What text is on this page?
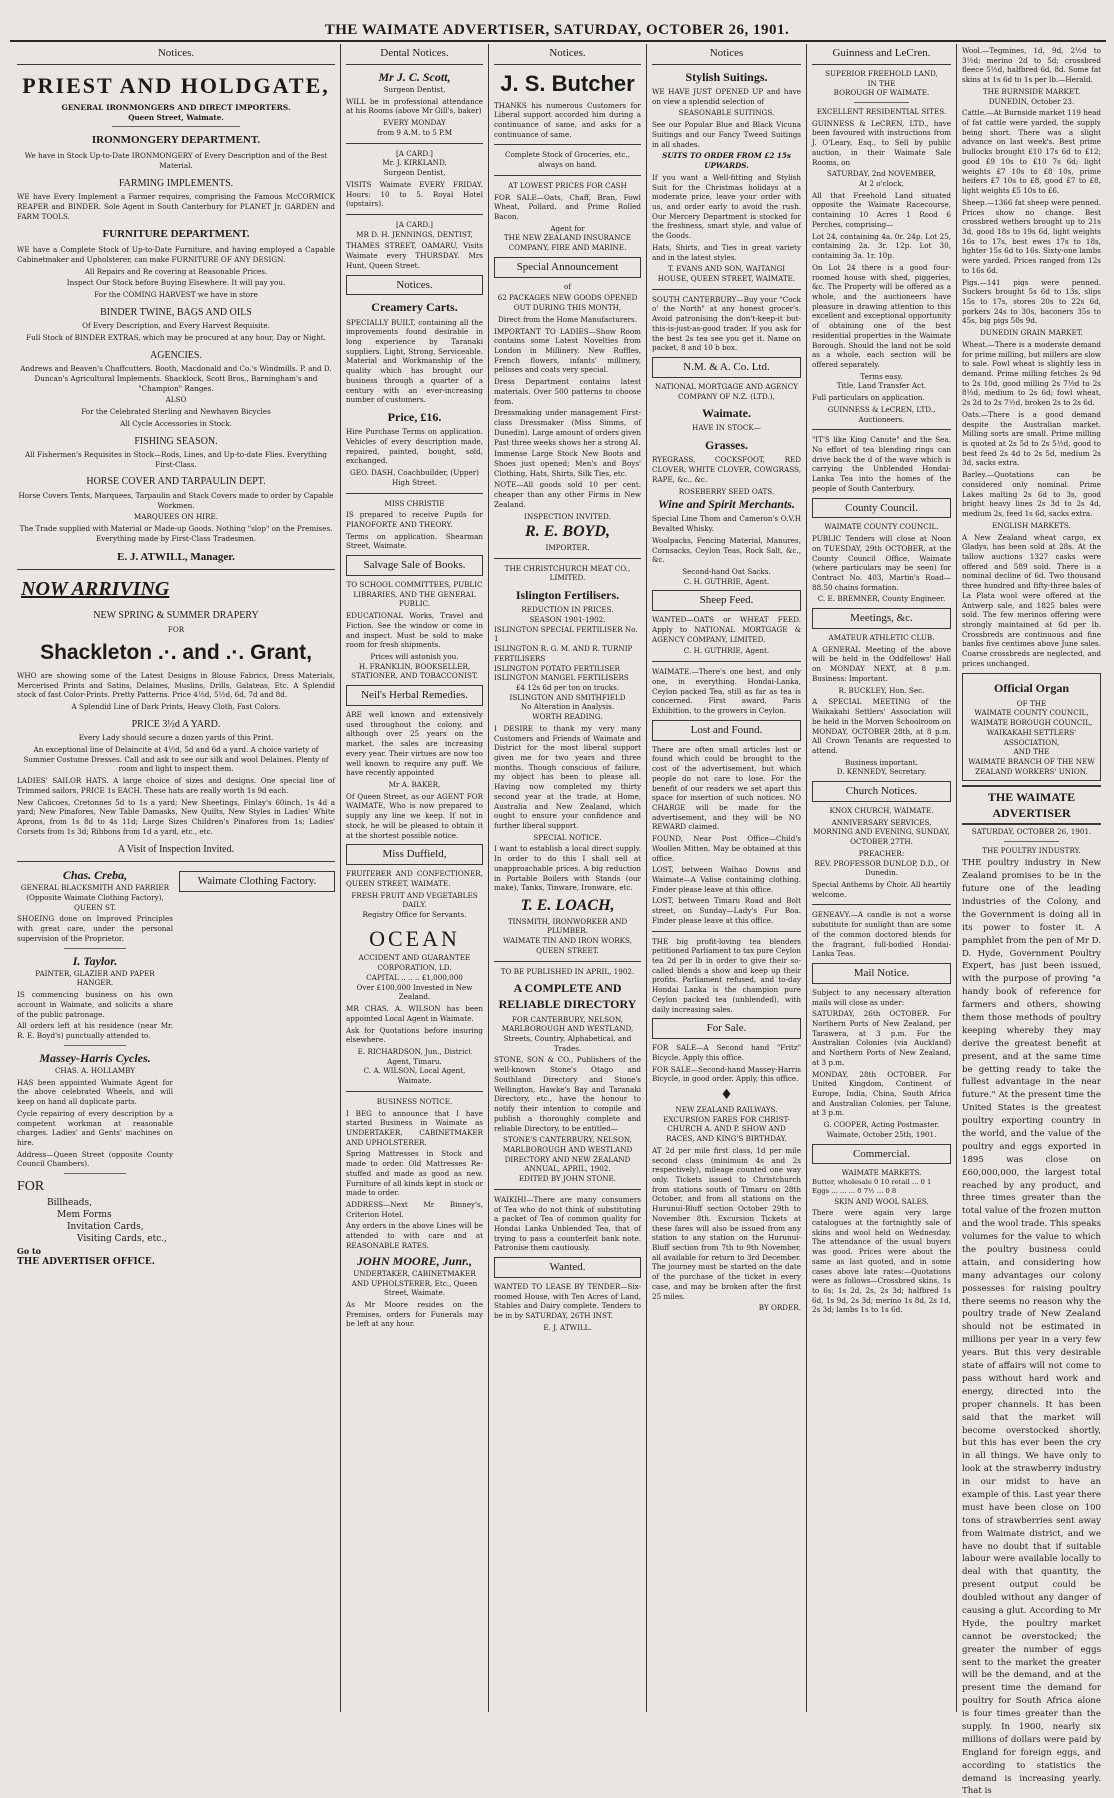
THE WAIMATE ADVERTISER, SATURDAY, OCTOBER 26, 1901.
Notices.
PRIEST AND HOLDGATE,
GENERAL IRONMONGERS AND DIRECT IMPORTERS.
Queen Street, Waimate.
IRONMONGERY DEPARTMENT.

We have in Stock Up-to-Date IRONMONGERY of Every Description and of the Best Material.

FARMING IMPLEMENTS.

WE have Every Implement a Farmer requires, comprising the Famous McCORMICK REAPER and BINDER. Sole Agent in South Canterbury for PLANET Jr. GARDEN and FARM TOOLS.

FURNITURE DEPARTMENT.

WE have a Complete Stock of Up-to-Date Furniture, and having employed a Capable Cabinetmaker and Upholsterer, can make FURNITURE OF ANY DESIGN.

All Repairs and Re covering at Reasonable Prices.

Inspect Our Stock before Buying Elsewhere. It will pay you.

For the COMING HARVEST we have in store

BINDER TWINE, BAGS AND OILS

Of Every Description, and Every Harvest Requisite.

Full Stock of BINDER EXTRAS, which may be procured at any hour, Day or Night.

AGENCIES.

Andrews and Beaven's Chaffcutters. Booth, Macdonald and Co.'s Windmills. P. and D. Duncan's Agricultural Implements. Shacklock, Scott Bros., Barningham's and "Champion" Ranges.

ALSO

For the Celebrated Sterling and Newhaven Bicycles

All Cycle Accessories in Stock.

FISHING SEASON.

All Fishermen's Requisites in Stock—Rods, Lines, and Up-to-date Flies. Everything First-Class.

HORSE COVER AND TARPAULIN DEPT.

Horse Covers Tents, Marquees, Tarpaulin and Stack Covers made to order by Capable Workmen.

MARQUEES ON HIRE.

The Trade supplied with Material or Made-up Goods. Nothing "slop" on the Premises. Everything made by First-Class Tradesmen.

E. J. ATWILL, Manager.
NOW ARRIVING
NEW SPRING & SUMMER DRAPERY
FOR
Shackleton .·. and .·. Grant,

WHO are showing some of the Latest Designs in Blouse Fabrics, Dress Materials, Mercerised Prints and Satins, Delaines, Muslins, Drills, Galateas, Etc. A Splendid stock of fast Color-Prints. Pretty Patterns. Price 4½d, 5½d, 6d, 7d and 8d.

A Splendid Line of Dark Prints, Heavy Cloth, Fast Colors.

PRICE 3½d A YARD.

Every Lady should secure a dozen yards of this Print.

An exceptional line of Delaincite at 4½d, 5d and 6d a yard. A choice variety of Summer Costume Dresses. Call and ask to see our silk and wool Delaines. Plenty of room and light to inspect them.

LADIES' SAILOR HATS. A large choice of sizes and designs. One special line of Trimmed sailors, PRICE 1s EACH. These hats are really worth 1s 9d each.

New Calicoes, Cretonnes 5d to 1s a yard; New Sheetings, Finlay's 60inch, 1s 4d a yard; New Pinafores, New Table Damasks, New Quilts, New Styles in Ladies' White Aprons, from 1s 8d to 4s 11d; Large Sizes Children's Pinafores from 1s; Ladies' Corsets from 1s 3d; Ribbons from 1d a yard, etc., etc.

A Visit of Inspection Invited.
Chas. Creba,
GENERAL BLACKSMITH AND FARRIER
(Opposite Waimate Clothing Factory), QUEEN ST.

SHOEING done on Improved Principles with great care, under the personal supervision of the Proprietor.

I. Taylor.
PAINTER, GLAZIER AND PAPER HANGER.

IS commencing business on his own account in Waimate, and solicits a share of the public patronage.

All orders left at his residence (near Mr. R. E. Boyd's) punctually attended to.

Massey-Harris Cycles.
CHAS. A. HOLLAMBY

HAS been appointed Waimate Agent for the above celebrated Wheels, and will keep on hand all duplicate parts.

Cycle repairing of every description by a competent workman at reasonable charges. Ladies' and Gents' machines on hire.

Address—Queen Street (opposite County Council Chambers).

FOR
Billheads,
Mem Forms
Invitation Cards,
Visiting Cards, etc.,
Go to
THE ADVERTISER OFFICE.
Waimate Clothing Factory.
Dental Notices.
Mr J. C. Scott,
Surgeon Dentist,

WILL be in professional attendance at his Rooms (above Mr Gill's, baker)

EVERY MONDAY
from 9 A.M. to 5 P.M
[A CARD.]
Mr. J. KIRKLAND,
Surgeon Dentist,

VISITS Waimate EVERY FRIDAY. Hours: 10 to 5. Royal Hotel (upstairs).

[A CARD.]
MR D. H. JENNINGS, DENTIST,

THAMES STREET, OAMARU, Visits Waimate every THURSDAY. Mrs Hunt, Queen Street.

Notices.
Creamery Carts.

SPECIALLY BUILT, containing all the improvements found desirable in long experience by Taranaki suppliers. Light, Strong, Serviceable. Material and Workmanship of the quality which has brought our business through a quarter of a century with an ever-increasing number of customers.

Price, £16.

Hire Purchase Terms on application. Vehicles of every description made, repaired, painted, bought, sold, exchanged.

GEO. DASH, Coachbuilder, (Upper) High Street.
MISS CHRISTIE

IS prepared to receive Pupils for PIANOFORTE AND THEORY.

Terms on application. Shearman Street, Waimate.

Salvage Sale of Books.
TO SCHOOL COMMITTEES, PUBLIC LIBRARIES, AND THE GENERAL PUBLIC.

EDUCATIONAL Works, Travel and Fiction. See the window or come in and inspect. Must be sold to make room for fresh shipments.

Prices will astonish you.
H. FRANKLIN, BOOKSELLER, STATIONER, AND TOBACCONIST.
Neil's Herbal Remedies.

ARE well known and extensively used throughout the colony, and although over 25 years on the market, the sales are increasing every year. Their virtues are now too well known to require any puff. We have recently appointed

Mr A. BAKER,

Of Queen Street, as our AGENT FOR WAIMATE, Who is now prepared to supply any line we keep. If not in stock, he will be pleased to obtain it at the shortest possible notice.

Miss Duffield,

FRUITERER AND CONFECTIONER, QUEEN STREET, WAIMATE.

FRESH FRUIT AND VEGETABLES DAILY.
Registry Office for Servants.
OCEAN
ACCIDENT AND GUARANTEE CORPORATION, LD.
CAPITAL .. .. .. £1,000,000
Over £100,000 Invested in New Zealand.

MR CHAS. A. WILSON has been appointed Local Agent in Waimate.

Ask for Quotations before insuring elsewhere.

E. RICHARDSON, Jun., District Agent, Timaru.
C. A. WILSON, Local Agent, Waimate.
BUSINESS NOTICE.

I BEG to announce that I have started Business in Waimate as UNDERTAKER, CABINETMAKER AND UPHOLSTERER.

Spring Mattresses in Stock and made to order. Old Mattresses Re-stuffed and made as good as new. Furniture of all kinds kept in stock or made to order.

ADDRESS—Next Mr Binney's, Criterion Hotel.

Any orders in the above Lines will be attended to with care and at REASONABLE RATES.

JOHN MOORE, Junr.,
UNDERTAKER, CABINETMAKER AND UPHOLSTERER, Etc., Queen Street, Waimate.

As Mr Moore resides on the Premises, orders for Funerals may be left at any hour.

Notices.
J. S. Butcher

THANKS his numerous Customers for Liberal support accorded him during a continuance of same, and asks for a continuance of same.

Complete Stock of Groceries, etc., always on hand.

AT LOWEST PRICES FOR CASH

FOR SALE—Oats, Chaff, Bran, Fowl Wheat, Pollard, and Prime Rolled Bacon.

Agent for
THE NEW ZEALAND INSURANCE COMPANY, FIRE AND MARINE.
Special Announcement
of

62 PACKAGES NEW GOODS OPENED OUT DURING THIS MONTH,

Direct from the Home Manufacturers.

IMPORTANT TO LADIES—Show Room contains some Latest Novelties from London in Millinery. New Ruffles, French flowers, infants' millinery, pelisses and coats very special.

Dress Department contains latest materials. Over 500 patterns to choose from.

Dressmaking under management First-class Dressmaker (Miss Simms, of Dunedin). Large amount of orders given Past three weeks shows her a strong AI.

Immense Large Stock New Boots and Shoes just opened; Men's and Boys' Clothing, Hats, Shirts, Silk Ties, etc.

NOTE—All goods sold 10 per cent. cheaper than any other Firms in New Zealand.

INSPECTION INVITED.
R. E. BOYD,
IMPORTER.
THE CHRISTCHURCH MEAT CO., LIMITED.
Islington Fertilisers.
REDUCTION IN PRICES.
SEASON 1901-1902.
ISLINGTON SPECIAL FERTILISER No. 1
ISLINGTON R. G. M. AND R. TURNIP FERTILISERS
ISLINGTON POTATO FERTILISER
ISLINGTON MANGEL FERTILISERS
£4 12s 6d per ton on trucks.
ISLINGTON AND SMITHFIELD
No Alteration in Analysis.
WORTH READING.

I DESIRE to thank my very many Customers and Friends of Waimate and District for the most liberal support given me for two years and three months. Though conscious of failure, my object has been to please all. Having now completed my thirty second year at the trade, at Home, Australia and New Zealand, which ought to ensure your confidence and further liberal support.

SPECIAL NOTICE.

I want to establish a local direct supply. In order to do this I shall sell at unapproachable prices. A big reduction in Portable Boilers with Stands (our make), Tanks, Tinware, Ironware, etc.

T. E. LOACH,
TINSMITH, IRONWORKER AND PLUMBER.
WAIMATE TIN AND IRON WORKS, QUEEN STREET.
TO BE PUBLISHED IN APRIL, 1902.
A COMPLETE AND RELIABLE DIRECTORY
FOR CANTERBURY, NELSON, MARLBOROUGH AND WESTLAND,
Streets, Country, Alphabetical, and Trades.

STONE, SON & CO., Publishers of the well-known Stone's Otago and Southland Directory and Stone's Wellington, Hawke's Bay and Taranaki Directory, etc., have the honour to notify their intention to compile and publish a thoroughly complete and reliable Directory, to be entitled—

STONE'S CANTERBURY, NELSON, MARLBOROUGH AND WESTLAND DIRECTORY AND NEW ZEALAND ANNUAL, APRIL, 1902.
EDITED BY JOHN STONE.

WAIKIHI—There are many consumers of Tea who do not think of substituting a packet of Tea of common quality for Hondai Lanka Unblended Tea, that of trying to pass a counterfeit bank note. Patronise them cautiously.

Wanted.

WANTED TO LEASE BY TENDER—Six-roomed House, with Ten Acres of Land, Stables and Dairy complete. Tenders to be in by SATURDAY, 26TH INST.

E. J. ATWILL.
Notices
Stylish Suitings.

WE HAVE JUST OPENED UP and have on view a splendid selection of

SEASONABLE SUITINGS.

See our Popular Blue and Black Vicuna Suitings and our Fancy Tweed Suitings in all shades.

SUITS TO ORDER FROM £2 15s UPWARDS.

If you want a Well-fitting and Stylish Suit for the Christmas holidays at a moderate price, leave your order with us, and order early to avoid the rush. Our Mercery Department is stocked for the freshness, smart style, and value of the Goods.

Hats, Shirts, and Ties in great variety and in the latest styles.

T. EVANS AND SON, WAITANGI HOUSE, QUEEN STREET, WAIMATE.

SOUTH CANTERBURY—Buy your "Cock o' the North" at any honest grocer's. Avoid patronising the don't-keep-it but-this-is-just-as-good trader. If you ask for the best 2s tea see you get it. Name on packet, 8 and 10 b box.

N.M. & A. Co. Ltd.
NATIONAL MORTGAGE AND AGENCY COMPANY OF N.Z. (LTD.),
Waimate.
HAVE IN STOCK—
Grasses.

RYEGRASS, COCKSFOOT, RED CLOVER, WHITE CLOVER, COWGRASS, RAPE, &c., &c.

ROSEBERRY SEED OATS.
Wine and Spirit Merchants.

Special Line Thom and Cameron's O.V.H Bevalted Whisky.

Woolpacks, Fencing Material, Manures, Cornsacks, Ceylon Teas, Rock Salt, &c., &c.

Second-hand Oat Sacks.
C. H. GUTHRIE, Agent.
Sheep Feed.

WANTED—OATS or WHEAT FEED. Apply to NATIONAL MORTGAGE & AGENCY COMPANY, LIMITED.

C. H. GUTHRIE, Agent.

WAIMATE.—There's one best, and only one, in everything. Hondai-Lanka, Ceylon packed Tea, still as far as tea is concerned. First award, Paris Exhibition, to the growers in Ceylon.

Lost and Found.

There are often small articles lost or found which could be brought to the cost of the advertisement, but which people do not care to lose. For the benefit of our readers we set apart this space for insertion of such notices. NO CHARGE will be made for the advertisement, and they will be NO REWARD claimed.

FOUND, Near Post Office—Child's Woollen Mitten. May be obtained at this office.

LOST, between Waihao Downs and Waimate—A Valise containing clothing. Finder please leave at this office.

LOST, between Timaru Road and Bolt street, on Sunday—Lady's Fur Boa. Finder please leave at this office.

THE big profit-loving tea blenders petitioned Parliament to tax pure Ceylon tea 2d per lb in order to give their so-called blends a show and keep up their profits. Parliament refused, and to-day Hondai Lanka is the champion pure Ceylon packed tea (unblended), with daily increasing sales.

For Sale.

FOR SALE—A Second hand "Fritz" Bicycle. Apply this office.

FOR SALE—Second-hand Massey-Harris Bicycle, in good order. Apply, this office.

♦
NEW ZEALAND RAILWAYS.
EXCURSION FARES FOR CHRIST-CHURCH A. AND P. SHOW AND RACES, AND KING'S BIRTHDAY.

AT 2d per mile first class, 1d per mile second class (minimum 4s and 2s respectively), mileage counted one way only. Tickets issued to Christchurch from stations south of Timaru on 28th October, and from all stations on the Hurunui-Bluff section October 29th to November 8th. Excursion Tickets at these fares will also be issued from any station to any station on the Hurunui-Bluff section from 7th to 9th November, all available for return to 3rd December. The journey must be started on the date of the purchase of the ticket in every case, and may be broken after the first 25 miles.

BY ORDER.
Guinness and LeCren.
SUPERIOR FREEHOLD LAND,
IN THE
BOROUGH OF WAIMATE.
EXCELLENT RESIDENTIAL SITES.

GUINNESS & LeCREN, LTD., have been favoured with instructions from J. O'Leary, Esq., to Sell by public auction, in their Waimate Sale Rooms, on

SATURDAY, 2nd NOVEMBER,
At 2 o'clock,

All that Freehold Land situated opposite the Waimate Racecourse, containing 10 Acres 1 Rood 6 Perches, comprising—

Lot 24, containing 4a. 0r. 24p. Lot 25, containing 2a. 3r. 12p. Lot 30, containing 3a. 1r. 10p.

On Lot 24 there is a good four-roomed house with shed, piggeries, &c. The Property will be offered as a whole, and the auctioneers have pleasure in drawing attention to this excellent and exceptional opportunity of obtaining one of the best residential properties in the Waimate Borough. Should the land not be sold as a whole, each section will be offered separately.

Terms easy.
Title, Land Transfer Act.

Full particulars on application.

GUINNESS & LeCREN, LTD., Auctioneers.

"IT'S like King Canute" and the Sea. No effort of tea blending rings can drive back the d of the wave which is carrying the Unblended Hondai-Lanka Tea into the homes of the people of South Canterbury.

County Council.
WAIMATE COUNTY COUNCIL.

PUBLIC Tenders will close at Noon on TUESDAY, 29th OCTOBER, at the County Council Office, Waimate (where particulars may be seen) for Contract No. 403, Martin's Road—88.50 chains formation.

C. E. BREMNER, County Engineer.
Meetings, &c.
AMATEUR ATHLETIC CLUB.

A GENERAL Meeting of the above will be held in the Oddfellows' Hall on MONDAY NEXT, at 8 p.m. Business: Important.

R. BUCKLEY, Hon. Sec.

A SPECIAL MEETING of the Waikakahi Settlers' Association will be held in the Morven Schoolroom on MONDAY, OCTOBER 28th, at 8 p.m. All Crown Tenants are requested to attend.

Business important.
D. KENNEDY, Secretary.
Church Notices.
KNOX CHURCH, WAIMATE.

ANNIVERSARY SERVICES, MORNING AND EVENING, SUNDAY, OCTOBER 27TH.

PREACHER:
REV. PROFESSOR DUNLOP, D.D., Of Dunedin.

Special Anthems by Choir. All heartily welcome.

GENEAVY.—A candle is not a worse substitute for sunlight than are some of the common doctored blends for the fragrant, full-bodied Hondai-Lanka Teas.

Mail Notice.

Subject to any necessary alteration mails will close as under:

SATURDAY, 26th OCTOBER. For Northern Ports of New Zealand, per Tarawera, at 3 p.m. For the Australian Colonies (via Auckland) and Northern Ports of New Zealand, at 3 p.m.

MONDAY, 28th OCTOBER. For United Kingdom, Continent of Europe, India, China, South Africa and Australian Colonies, per Talune, at 3 p.m.

G. COOPER, Acting Postmaster.
Waimate, October 25th, 1901.
Commercial.
WAIMATE MARKETS.
Butter, wholesale 0 10 retail ... 0 1
Eggs ... ... ... 0 7½ ... 0 8
SKIN AND WOOL SALES.

There were again very large catalogues at the fortnightly sale of skins and wool held on Wednesday. The attendance of the usual buyers was good. Prices were about the same as last quoted, and in some cases above late rates:—Quotations were as follows—Crossbred skins, 1s to 6s; 1s 2d, 2s, 2s 3d; halfbred 1s 6d, 1s 9d, 2s 3d; merino 1s 8d, 2s 1d, 2s 3d; lambs 1s to 1s 6d.

Wool.—Tegmines, 1d, 9d, 2½d to 3½d; merino 2d to 5d; crossbred fleece 5½d, halfbred 6d, 8d. Some fat skins at 1s 6d to 1s per lb.—Herald.

THE BURNSIDE MARKET.
DUNEDIN, October 23.

Cattle.—At Burnside market 119 head of fat cattle were yarded, the supply being short. There was a slight advance on last week's. Best prime bullocks brought £10 17s 6d to £12; good £9 10s to £10 7s 6d; light weights £7 10s to £8 10s, prime heifers £7 10s to £8, good £7 to £8, light weights £5 10s to £6.

Sheep.—1366 fat sheep were penned. Prices show no change. Best crossbred wethers brought up to 21s 3d, good 18s to 19s 6d, light weights 16s to 17s, best ewes 17s to 18s, lighter 15s 6d to 16s. Sixty-one lambs were yarded. Prices ranged from 12s to 16s 6d.

Pigs.—141 pigs were penned. Suckers brought 5s 6d to 13s, slips 15s to 17s, stores 20s to 22s 6d, porkers 24s to 30s, baconers 35s to 45s, big pigs 50s 9d.

DUNEDIN GRAIN MARKET.

Wheat.—There is a moderate demand for prime milling, but millers are slow to sale. Fowl wheat is slightly less in demand. Prime milling fetches 2s 9d to 2s 10d, good milling 2s 7½d to 2s 8½d, medium to 2s 6d; fowl wheat, 2s 2d to 2s 7½d, broken 2s to 2s 6d.

Oats.—There is a good demand despite the Australian market. Milling sorts are small. Prime milling is quoted at 2s 5d to 2s 5½d, good to best feed 2s 4d to 2s 5d, medium 2s 3d, sacks extra.

Barley.—Quotations can be considered only nominal. Prime Lakes malting 2s 6d to 3s, good bright heavy lines 2s 3d to 2s 4d, medium 2s, feed 1s 6d, sacks extra.

ENGLISH MARKETS.

A New Zealand wheat cargo, ex Gladys, has been sold at 28s. At the tallow auctions 1327 casks were offered and 589 sold. There is a nominal decline of 6d. Two thousand three hundred and fifty-three bales of La Plata wool were offered at the Antwerp sale, and 1825 bales were sold. The few merinos offering were strongly maintained at 6d per lb. Crossbreds are continuous and fine banks five centimes above June sales. Coarse crossbreds are neglected, and prices unchanged.

Official Organ
OF THE
WAIMATE COUNTY COUNCIL,
WAIMATE BOROUGH COUNCIL,
WAIKAKAHI SETTLERS' ASSOCIATION,
AND THE
WAIMATE BRANCH OF THE NEW ZEALAND WORKERS' UNION.
THE WAIMATE ADVERTISER
SATURDAY, OCTOBER 26, 1901.
THE POULTRY INDUSTRY.

THE poultry industry in New Zealand promises to be in the future one of the leading industries of the Colony, and the Government is doing all in its power to foster it. A pamphlet from the pen of Mr D. D. Hyde, Government Poultry Expert, has just been issued, with the purpose of proving "a handy book of reference for farmers and others, showing them those methods of poultry keeping whereby they may derive the greatest benefit at present, and at the same time be getting ready to take the fullest advantage in the near future." At the present time the United States is the greatest poultry exporting country in the world, and the value of the poultry and eggs exported in 1895 was close on £60,000,000, the largest total reached by any product, and three times greater than the total value of the frozen mutton and the wool trade. This speaks volumes for the value to which the poultry business could attain, and considering how many advantages our colony possesses for raising poultry there seems no reason why the poultry trade of New Zealand should not be estimated in millions per year in a very few years. But this very desirable state of affairs will not come to pass without hard work and energy, directed into the proper channels. It has been said that the market will become overstocked shortly, but this has ever been the cry in all things. We have only to look at the strawberry industry in our midst to have an example of this. Last year there must have been close on 100 tons of strawberries sent away from Waimate district, and we have no doubt that if suitable labour were available locally to deal with that quantity, the present output could be doubled without any danger of causing a glut. According to Mr Hyde, the poultry market cannot be overstocked; the greater the number of eggs sent to the market the greater will be the demand, and at the present time the demand for poultry for South Africa alone is four times greater than the supply. In 1900, nearly six millions of dollars were paid by England for foreign eggs, and according to statistics the demand is increasing yearly. That is
